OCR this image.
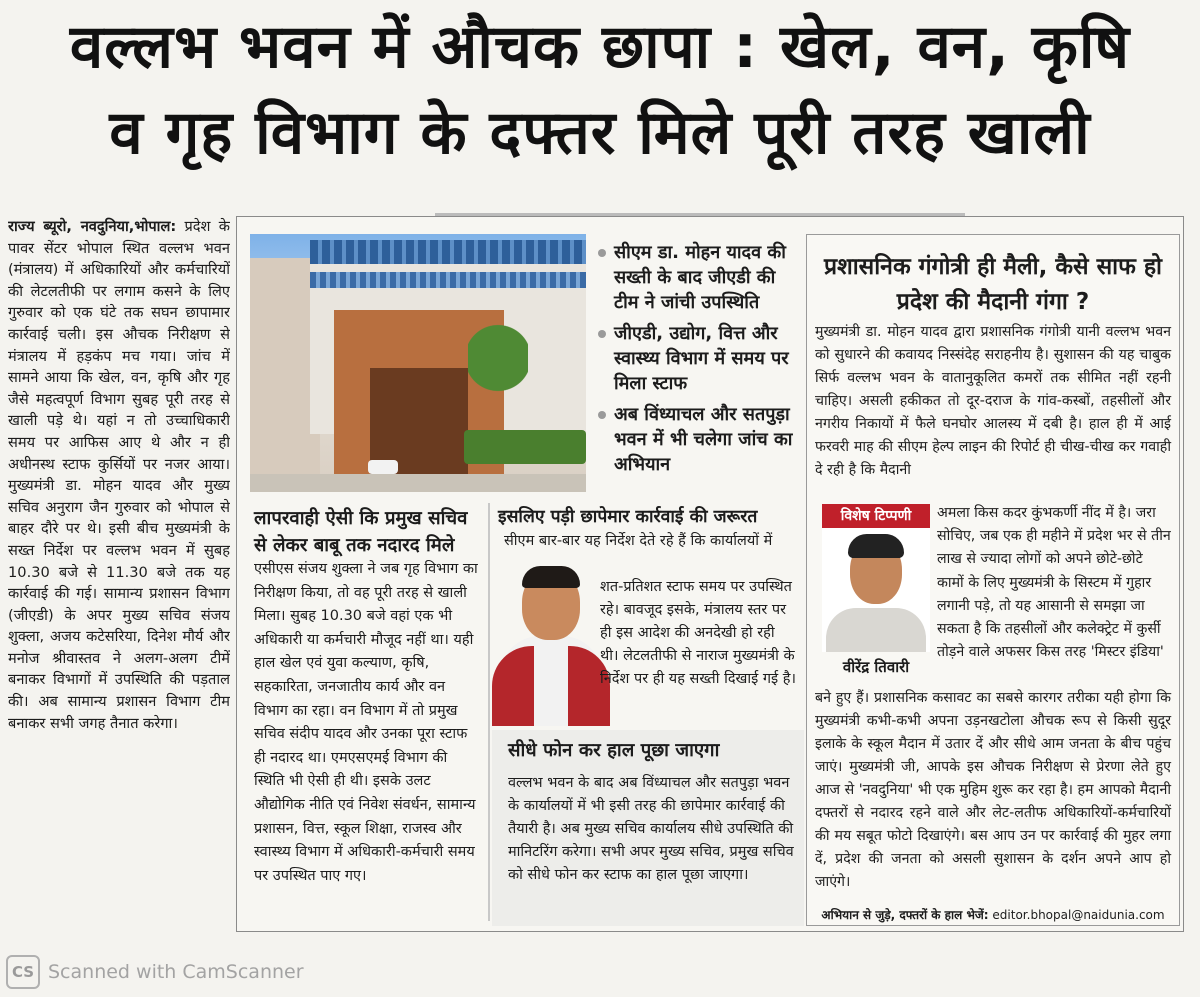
वल्लभ भवन में औचक छापा : खेल, वन, कृषि
व गृह विभाग के दफ्तर मिले पूरी तरह खाली
राज्य ब्यूरो, नवदुनिया,भोपाल: प्रदेश के पावर सेंटर भोपाल स्थित वल्लभ भवन (मंत्रालय) में अधिकारियों और कर्मचारियों की लेटलतीफी पर लगाम कसने के लिए गुरुवार को एक घंटे तक सघन छापामार कार्रवाई चली। इस औचक निरीक्षण से मंत्रालय में हड़कंप मच गया। जांच में सामने आया कि खेल, वन, कृषि और गृह जैसे महत्वपूर्ण विभाग सुबह पूरी तरह से खाली पड़े थे। यहां न तो उच्चाधिकारी समय पर आफिस आए थे और न ही अधीनस्थ स्टाफ कुर्सियों पर नजर आया। मुख्यमंत्री डा. मोहन यादव और मुख्य सचिव अनुराग जैन गुरुवार को भोपाल से बाहर दौरे पर थे। इसी बीच मुख्यमंत्री के सख्त निर्देश पर वल्लभ भवन में सुबह 10.30 बजे से 11.30 बजे तक यह कार्रवाई की गई। सामान्य प्रशासन विभाग (जीएडी) के अपर मुख्य सचिव संजय शुक्ला, अजय कटेसरिया, दिनेश मौर्य और मनोज श्रीवास्तव ने अलग-अलग टीमें बनाकर विभागों में उपस्थिति की पड़ताल की। अब सामान्य प्रशासन विभाग टीम बनाकर सभी जगह तैनात करेगा।
सीएम डा. मोहन यादव की सख्ती के बाद जीएडी की टीम ने जांची उपस्थिति
जीएडी, उद्योग, वित्त और स्वास्थ्य विभाग में समय पर मिला स्टाफ
अब विंध्याचल और सतपुड़ा भवन में भी चलेगा जांच का अभियान
लापरवाही ऐसी कि प्रमुख सचिव से लेकर बाबू तक नदारद मिले
एसीएस संजय शुक्ला ने जब गृह विभाग का निरीक्षण किया, तो वह पूरी तरह से खाली मिला। सुबह 10.30 बजे वहां एक भी अधिकारी या कर्मचारी मौजूद नहीं था। यही हाल खेल एवं युवा कल्याण, कृषि, सहकारिता, जनजातीय कार्य और वन विभाग का रहा। वन विभाग में तो प्रमुख सचिव संदीप यादव और उनका पूरा स्टाफ ही नदारद था। एमएसएमई विभाग की स्थिति भी ऐसी ही थी। इसके उलट औद्योगिक नीति एवं निवेश संवर्धन, सामान्य प्रशासन, वित्त, स्कूल शिक्षा, राजस्व और स्वास्थ्य विभाग में अधिकारी-कर्मचारी समय पर उपस्थित पाए गए।
इसलिए पड़ी छापेमार कार्रवाई की जरूरत
सीएम बार-बार यह निर्देश देते रहे हैं कि कार्यालयों में
शत-प्रतिशत स्टाफ समय पर उपस्थित रहे। बावजूद इसके, मंत्रालय स्तर पर ही इस आदेश की अनदेखी हो रही थी। लेटलतीफी से नाराज मुख्यमंत्री के निर्देश पर ही यह सख्ती दिखाई गई है।
सीधे फोन कर हाल पूछा जाएगा
वल्लभ भवन के बाद अब विंध्याचल और सतपुड़ा भवन के कार्यालयों में भी इसी तरह की छापेमार कार्रवाई की तैयारी है। अब मुख्य सचिव कार्यालय सीधे उपस्थिति की मानिटरिंग करेगा। सभी अपर मुख्य सचिव, प्रमुख सचिव को सीधे फोन कर स्टाफ का हाल पूछा जाएगा।
प्रशासनिक गंगोत्री ही मैली, कैसे साफ हो प्रदेश की मैदानी गंगा ?
मुख्यमंत्री डा. मोहन यादव द्वारा प्रशासनिक गंगोत्री यानी वल्लभ भवन को सुधारने की कवायद निस्संदेह सराहनीय है। सुशासन की यह चाबुक सिर्फ वल्लभ भवन के वातानुकूलित कमरों तक सीमित नहीं रहनी चाहिए। असली हकीकत तो दूर-दराज के गांव-कस्बों, तहसीलों और नगरीय निकायों में फैले घनघोर आलस्य में दबी है। हाल ही में आई फरवरी माह की सीएम हेल्प लाइन की रिपोर्ट ही चीख-चीख कर गवाही दे रही है कि मैदानी
विशेष टिप्पणी
वीरेंद्र तिवारी
अमला किस कदर कुंभकर्णी नींद में है। जरा सोचिए, जब एक ही महीने में प्रदेश भर से तीन लाख से ज्यादा लोगों को अपने छोटे-छोटे कामों के लिए मुख्यमंत्री के सिस्टम में गुहार लगानी पड़े, तो यह आसानी से समझा जा सकता है कि तहसीलों और कलेक्ट्रेट में कुर्सी तोड़ने वाले अफसर किस तरह 'मिस्टर इंडिया'
बने हुए हैं। प्रशासनिक कसावट का सबसे कारगर तरीका यही होगा कि मुख्यमंत्री कभी-कभी अपना उड़नखटोला औचक रूप से किसी सुदूर इलाके के स्कूल मैदान में उतार दें और सीधे आम जनता के बीच पहुंच जाएं। मुख्यमंत्री जी, आपके इस औचक निरीक्षण से प्रेरणा लेते हुए आज से 'नवदुनिया' भी एक मुहिम शुरू कर रहा है। हम आपको मैदानी दफ्तरों से नदारद रहने वाले और लेट-लतीफ अधिकारियों-कर्मचारियों की मय सबूत फोटो दिखाएंगे। बस आप उन पर कार्रवाई की मुहर लगा दें, प्रदेश की जनता को असली सुशासन के दर्शन अपने आप हो जाएंगे।
अभियान से जुड़े, दफ्तरों के हाल भेजें: editor.bhopal@naidunia.com
CS Scanned with CamScanner
